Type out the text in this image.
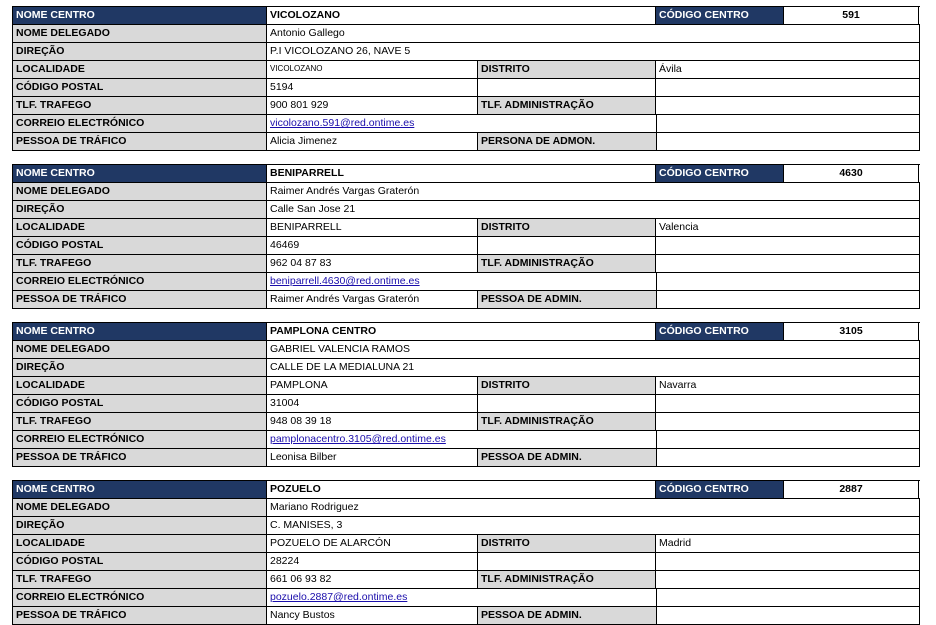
NOME CENTRO	VICOLOZANO	CÓDIGO CENTRO	591
NOME DELEGADO	Antonio Gallego
DIREÇÃO	P.I VICOLOZANO 26, NAVE 5
LOCALIDADE	VICOLOZANO	DISTRITO	Ávila
CÓDIGO POSTAL	5194
TLF. TRAFEGO	900 801 929	TLF. ADMINISTRAÇÃO
CORREIO ELECTRÓNICO	vicolozano.591@red.ontime.es
PESSOA DE TRÁFICO	Alicia Jimenez	PERSONA DE ADMON.
NOME CENTRO	BENIPARRELL	CÓDIGO CENTRO	4630
NOME DELEGADO	Raimer Andrés Vargas Graterón
DIREÇÃO	Calle San Jose 21
LOCALIDADE	BENIPARRELL	DISTRITO	Valencia
CÓDIGO POSTAL	46469
TLF. TRAFEGO	962 04 87 83	TLF. ADMINISTRAÇÃO
CORREIO ELECTRÓNICO	beniparrell.4630@red.ontime.es
PESSOA DE TRÁFICO	Raimer Andrés Vargas Graterón	PESSOA DE ADMIN.
NOME CENTRO	PAMPLONA CENTRO	CÓDIGO CENTRO	3105
NOME DELEGADO	GABRIEL VALENCIA RAMOS
DIREÇÃO	CALLE DE LA MEDIALUNA 21
LOCALIDADE	PAMPLONA	DISTRITO	Navarra
CÓDIGO POSTAL	31004
TLF. TRAFEGO	948 08 39 18	TLF. ADMINISTRAÇÃO
CORREIO ELECTRÓNICO	pamplonacentro.3105@red.ontime.es
PESSOA DE TRÁFICO	Leonisa Bilber	PESSOA DE ADMIN.
NOME CENTRO	POZUELO	CÓDIGO CENTRO	2887
NOME DELEGADO	Mariano Rodriguez
DIREÇÃO	C. MANISES, 3
LOCALIDADE	POZUELO DE ALARCÓN	DISTRITO	Madrid
CÓDIGO POSTAL	28224
TLF. TRAFEGO	661 06 93 82	TLF. ADMINISTRAÇÃO
CORREIO ELECTRÓNICO	pozuelo.2887@red.ontime.es
PESSOA DE TRÁFICO	Nancy Bustos	PESSOA DE ADMIN.
